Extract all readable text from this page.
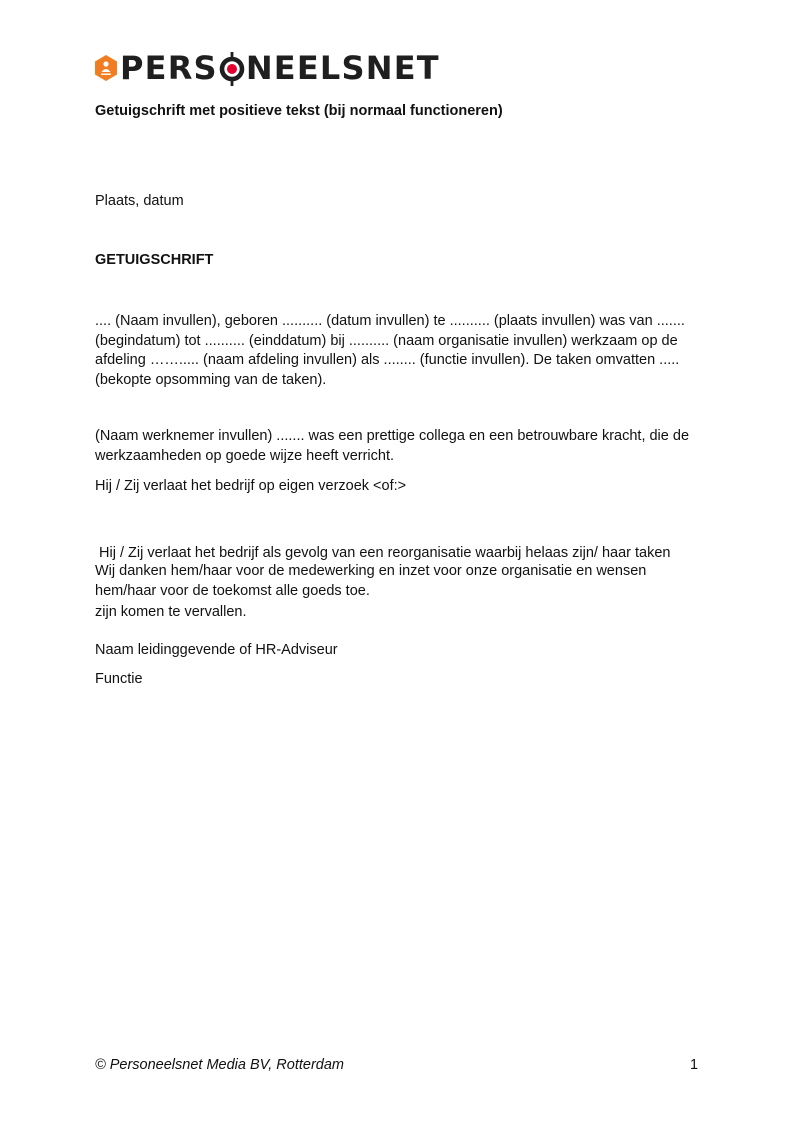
PERS NEELSNET
Getuigschrift met positieve tekst (bij normaal functioneren)
Plaats, datum
GETUIGSCHRIFT
.... (Naam invullen), geboren .......... (datum invullen) te .......... (plaats invullen) was van .......
(begindatum) tot .......... (einddatum) bij .......... (naam organisatie invullen) werkzaam op de
afdeling ……..... (naam afdeling invullen) als ........ (functie invullen). De taken omvatten .....
(bekopte opsomming van de taken).
(Naam werknemer invullen) ....... was een prettige collega en een betrouwbare kracht, die de
werkzaamheden op goede wijze heeft verricht.
Hij / Zij verlaat het bedrijf op eigen verzoek <of:>

Hij / Zij verlaat het bedrijf als gevolg van een reorganisatie waarbij helaas zijn/ haar taken

zijn komen te vervallen.

Wij danken hem/haar voor de medewerking en inzet voor onze organisatie en wensen
hem/haar voor de toekomst alle goeds toe.
Naam leidinggevende of HR-Adviseur
Functie
© Personeelsnet Media BV, Rotterdam	1
